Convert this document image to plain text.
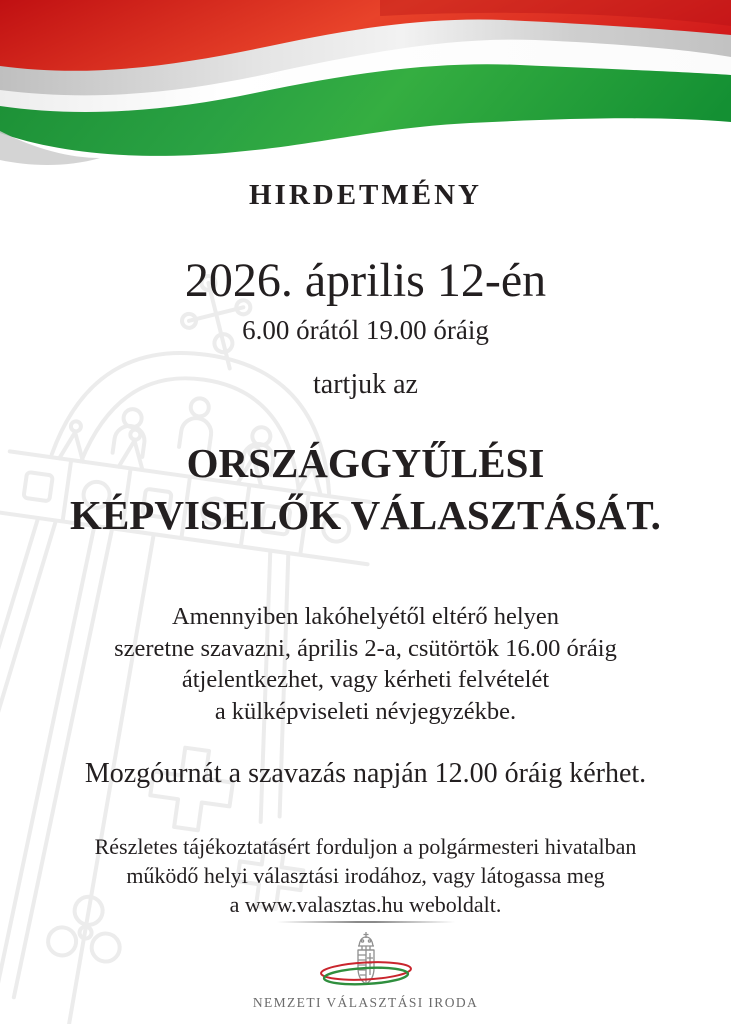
HIRDETMÉNY
2026. április 12-én
6.00 órától 19.00 óráig
tartjuk az
ORSZÁGGYŰLÉSI
KÉPVISELŐK VÁLASZTÁSÁT.
Amennyiben lakóhelyétől eltérő helyen
szeretne szavazni, április 2-a, csütörtök 16.00 óráig
átjelentkezhet, vagy kérheti felvételét
a külképviseleti névjegyzékbe.
Mozgóurnát a szavazás napján 12.00 óráig kérhet.
Részletes tájékoztatásért forduljon a polgármesteri hivatalban
működő helyi választási irodához, vagy látogassa meg
a www.valasztas.hu weboldalt.
NEMZETI VÁLASZTÁSI IRODA
